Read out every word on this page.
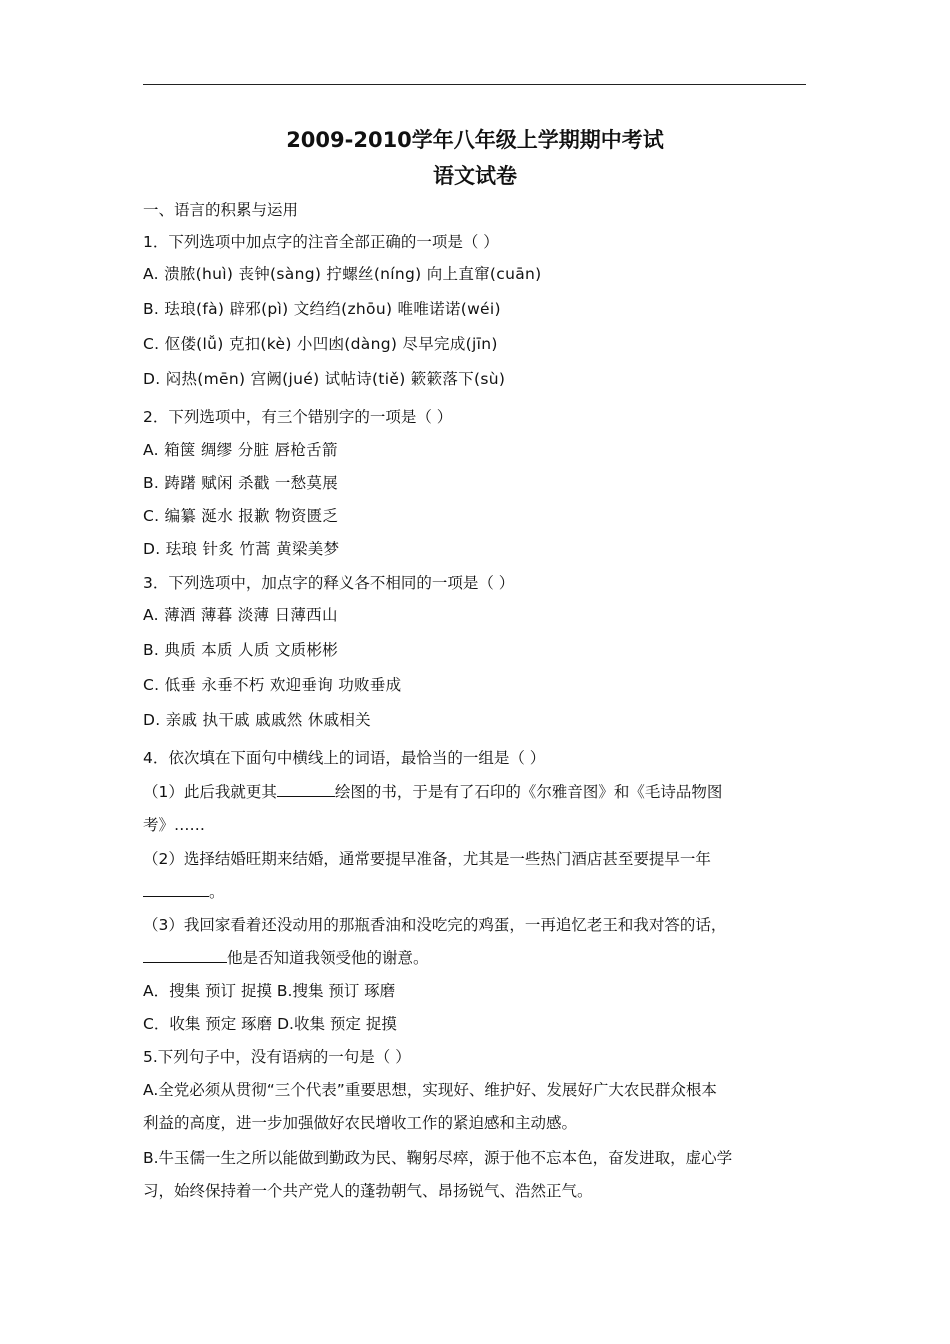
2009-2010学年八年级上学期期中考试
语文试卷
一、语言的积累与运用
1．下列选项中加点字的注音全部正确的一项是（ ）
A. 溃脓(huì) 丧钟(sàng) 拧螺丝(níng) 向上直窜(cuān)
B. 珐琅(fà) 辟邪(pì) 文绉绉(zhōu) 唯唯诺诺(wéi)
C. 伛偻(lǚ) 克扣(kè) 小凹凼(dàng) 尽早完成(jīn)
D. 闷热(mēn) 宫阙(jué) 试帖诗(tiě) 簌簌落下(sù)
2．下列选项中，有三个错别字的一项是（ ）
A. 箱箧 绸缪 分脏 唇枪舌箭
B. 踌躇 赋闲 杀戳 一愁莫展
C. 编纂 涎水 报歉 物资匮乏
D. 珐琅 针炙 竹蒿 黄梁美梦
3．下列选项中，加点字的释义各不相同的一项是（ ）
A. 薄酒 薄暮 淡薄 日薄西山
B. 典质 本质 人质 文质彬彬
C. 低垂 永垂不朽 欢迎垂询 功败垂成
D. 亲戚 执干戚 戚戚然 休戚相关
4．依次填在下面句中横线上的词语，最恰当的一组是（ ）
（1）此后我就更其	绘图的书，于是有了石印的《尔雅音图》和《毛诗品物图
考》……
（2）选择结婚旺期来结婚，通常要提早准备，尤其是一些热门酒店甚至要提早一年
。
（3）我回家看着还没动用的那瓶香油和没吃完的鸡蛋，一再追忆老王和我对答的话，
他是否知道我领受他的谢意。
A．搜集 预订 捉摸 B.搜集 预订 琢磨
C．收集 预定 琢磨 D.收集 预定 捉摸
5.下列句子中，没有语病的一句是（ ）
A.全党必须从贯彻“三个代表”重要思想，实现好、维护好、发展好广大农民群众根本
利益的高度，进一步加强做好农民增收工作的紧迫感和主动感。
B.牛玉儒一生之所以能做到勤政为民、鞠躬尽瘁，源于他不忘本色，奋发进取，虚心学
习，始终保持着一个共产党人的蓬勃朝气、昂扬锐气、浩然正气。
